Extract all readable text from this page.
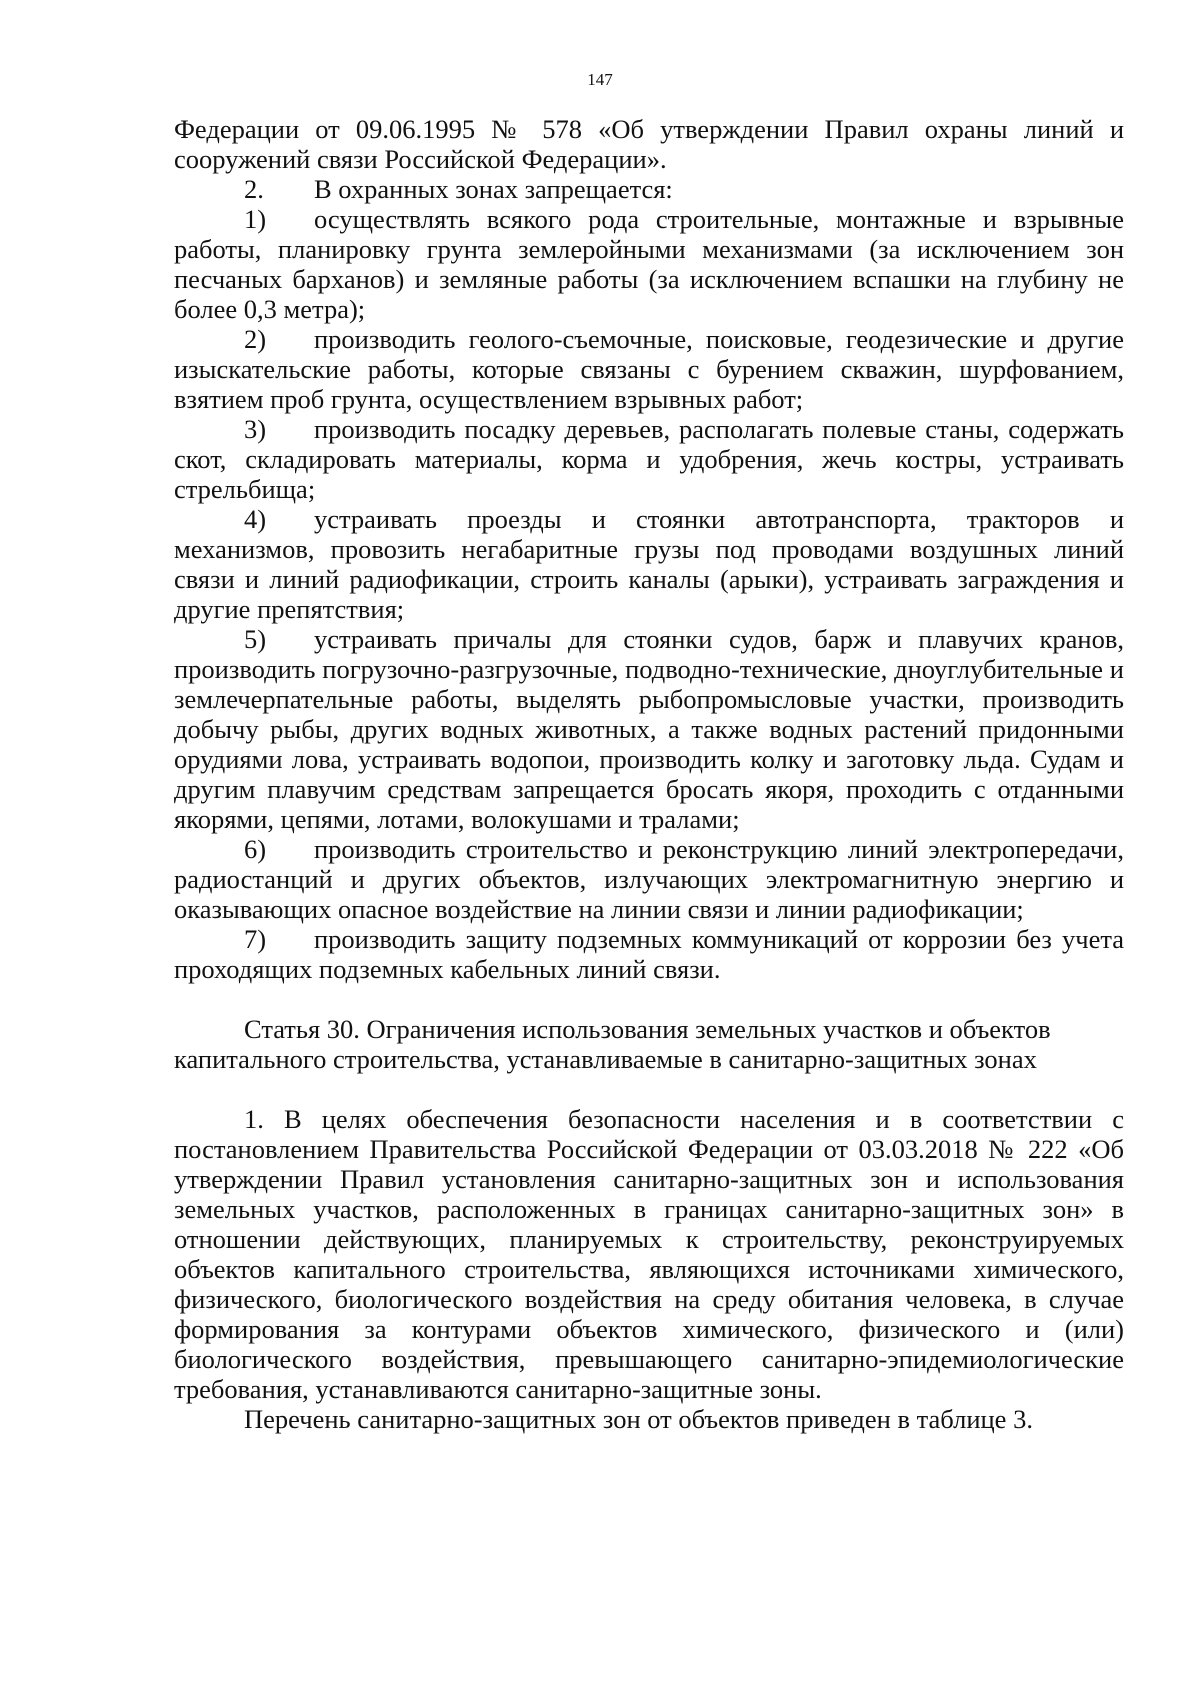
147

Федерации от 09.06.1995 № 578 «Об утверждении Правил охраны линий и сооружений связи Российской Федерации».

2. В охранных зонах запрещается:

1) осуществлять всякого рода строительные, монтажные и взрывные работы, планировку грунта землеройными механизмами (за исключением зон песчаных барханов) и земляные работы (за исключением вспашки на глубину не более 0,3 метра);

2) производить геолого-съемочные, поисковые, геодезические и другие изыскательские работы, которые связаны с бурением скважин, шурфованием, взятием проб грунта, осуществлением взрывных работ;

3) производить посадку деревьев, располагать полевые станы, содержать скот, складировать материалы, корма и удобрения, жечь костры, устраивать стрельбища;

4) устраивать проезды и стоянки автотранспорта, тракторов и механизмов, провозить негабаритные грузы под проводами воздушных линий связи и линий радиофикации, строить каналы (арыки), устраивать заграждения и другие препятствия;

5) устраивать причалы для стоянки судов, барж и плавучих кранов, производить погрузочно-разгрузочные, подводно-технические, дноуглубительные и землечерпательные работы, выделять рыбопромысловые участки, производить добычу рыбы, других водных животных, а также водных растений придонными орудиями лова, устраивать водопои, производить колку и заготовку льда. Судам и другим плавучим средствам запрещается бросать якоря, проходить с отданными якорями, цепями, лотами, волокушами и тралами;

6) производить строительство и реконструкцию линий электропередачи, радиостанций и других объектов, излучающих электромагнитную энергию и оказывающих опасное воздействие на линии связи и линии радиофикации;

7) производить защиту подземных коммуникаций от коррозии без учета проходящих подземных кабельных линий связи.

Статья 30. Ограничения использования земельных участков и объектов капитального строительства, устанавливаемые в санитарно-защитных зонах

1. В целях обеспечения безопасности населения и в соответствии с постановлением Правительства Российской Федерации от 03.03.2018 № 222 «Об утверждении Правил установления санитарно-защитных зон и использования земельных участков, расположенных в границах санитарно-защитных зон» в отношении действующих, планируемых к строительству, реконструируемых объектов капитального строительства, являющихся источниками химического, физического, биологического воздействия на среду обитания человека, в случае формирования за контурами объектов химического, физического и (или) биологического воздействия, превышающего санитарно-эпидемиологические требования, устанавливаются санитарно-защитные зоны.

Перечень санитарно-защитных зон от объектов приведен в таблице 3.
